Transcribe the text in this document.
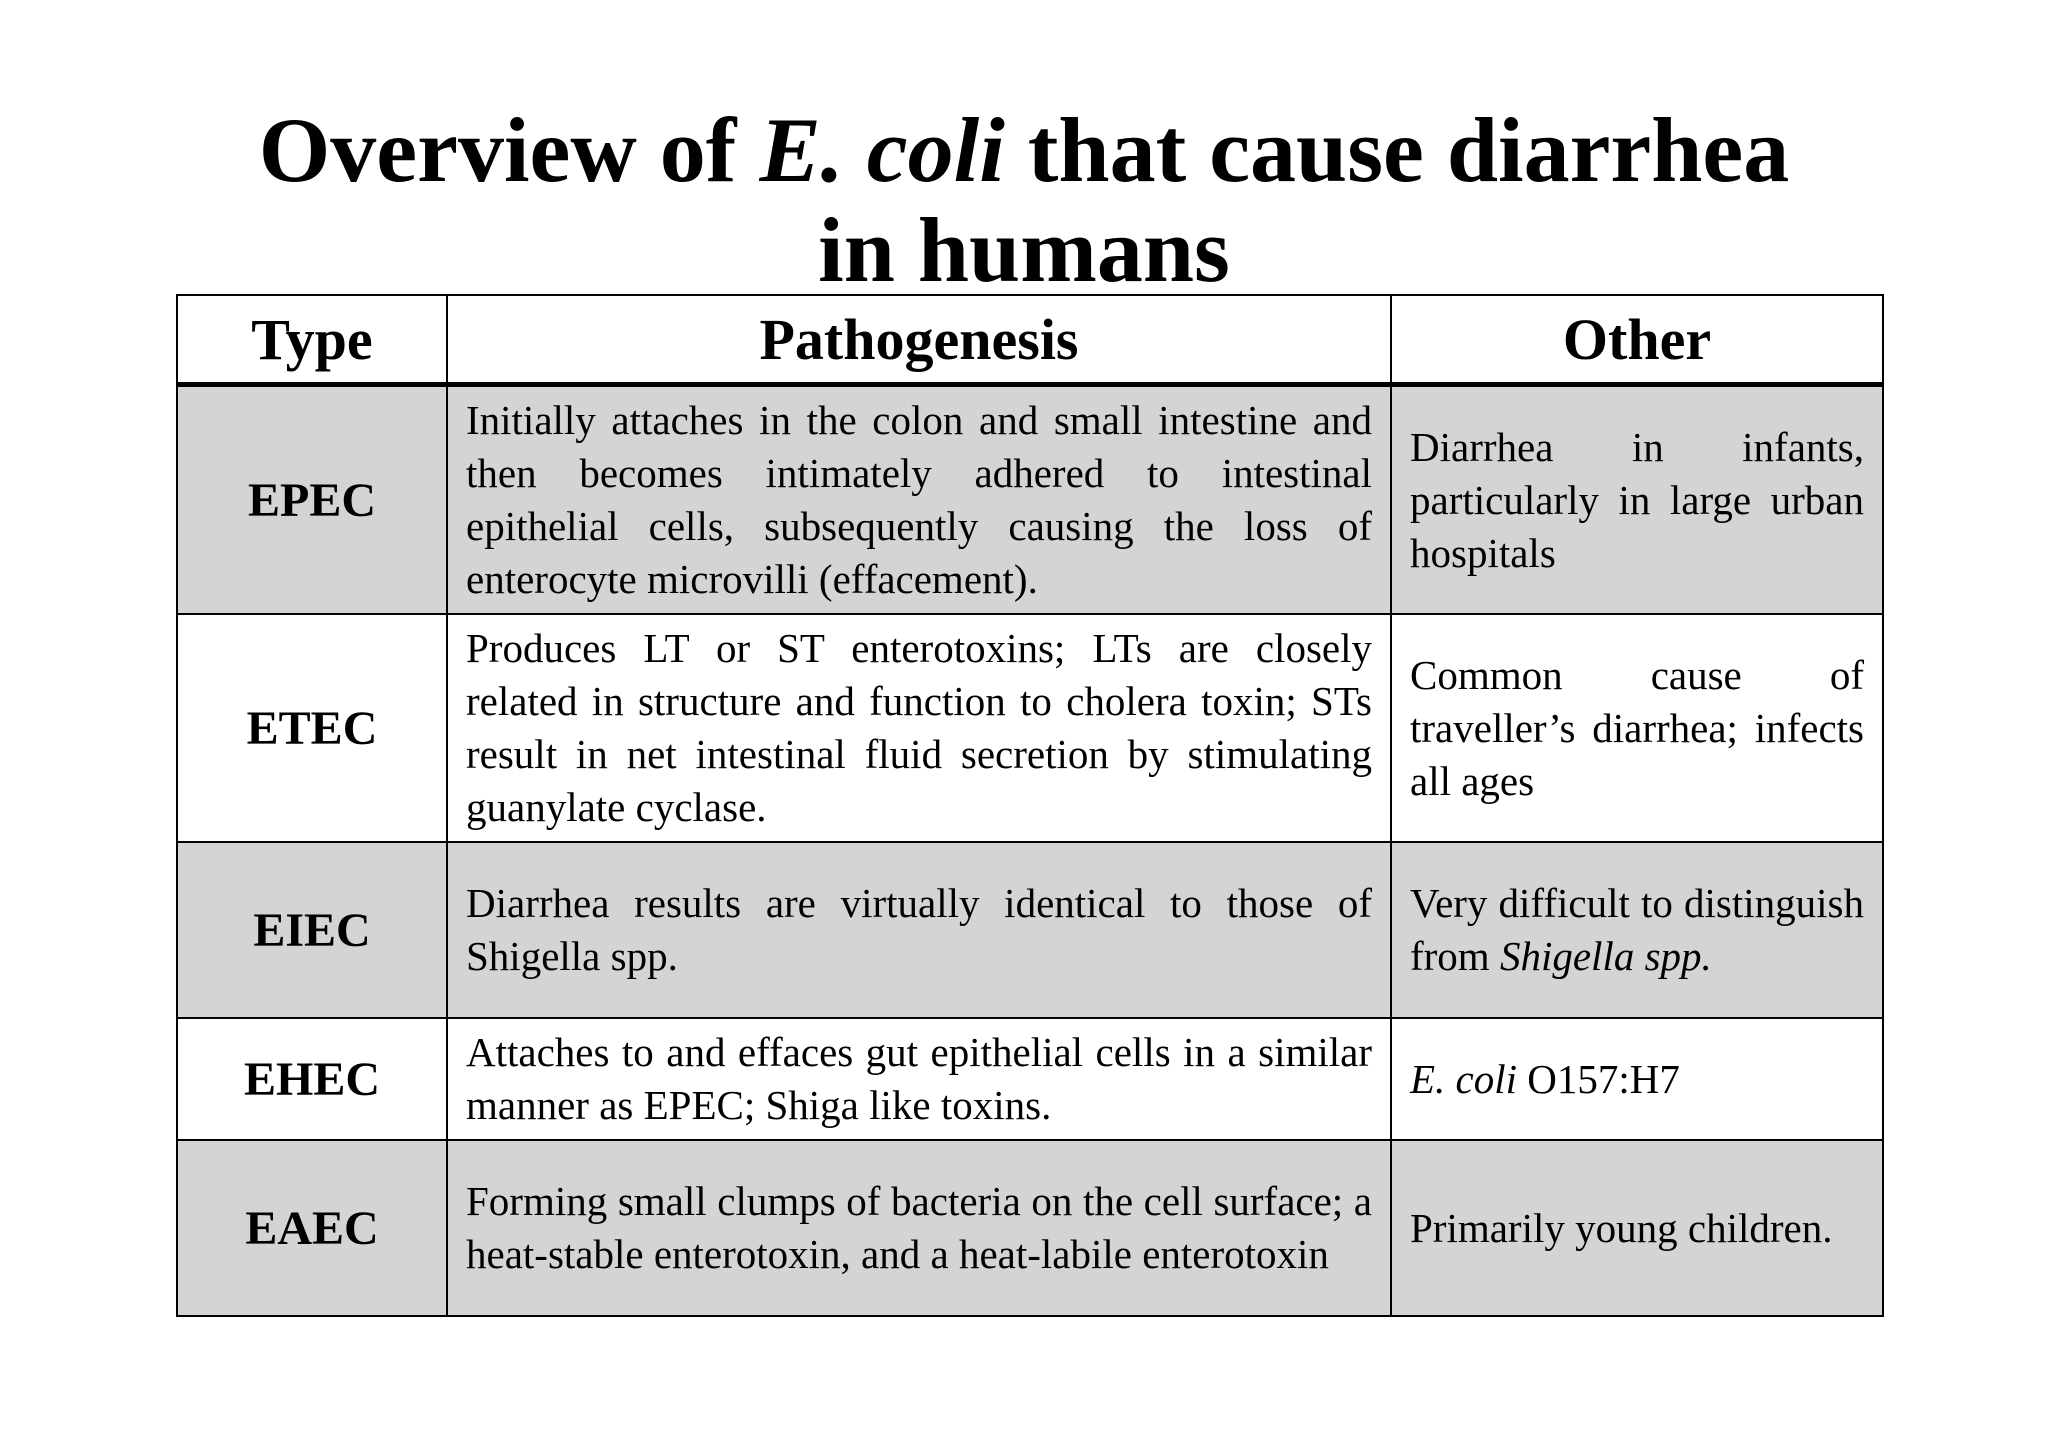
Overview of E. coli that cause diarrhea
in humans
Type	Pathogenesis	Other
EPEC	Initially attaches in the colon and small intestine and then becomes intimately adhered to intestinal epithelial cells, subsequently causing the loss of enterocyte microvilli (effacement).	Diarrhea in infants, particularly in large urban hospitals
ETEC	Produces LT or ST enterotoxins; LTs are closely related in structure and function to cholera toxin; STs result in net intestinal fluid secretion by stimulating guanylate cyclase.	Common cause of traveller’s diarrhea; infects all ages
EIEC	Diarrhea results are virtually identical to those of Shigella spp.	Very difficult to distinguish from Shigella spp.
EHEC	Attaches to and effaces gut epithelial cells in a similar manner as EPEC; Shiga like toxins.	E. coli O157:H7
EAEC	Forming small clumps of bacteria on the cell surface; a heat-stable enterotoxin, and a heat-labile enterotoxin	Primarily young children.
